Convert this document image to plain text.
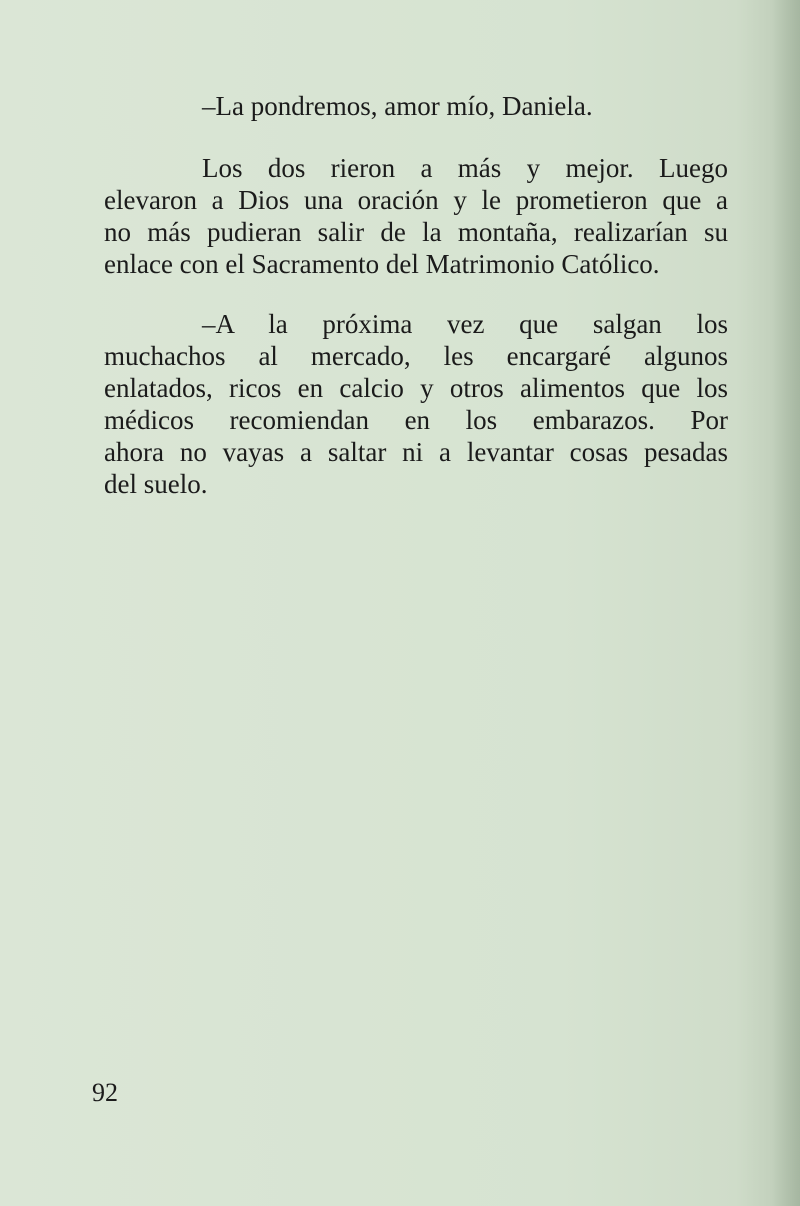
–La pondremos, amor mío, Daniela.

Los dos rieron a más y mejor. Luego
elevaron a Dios una oración y le prometieron que a
no más pudieran salir de la montaña, realizarían su
enlace con el Sacramento del Matrimonio Católico.

–A la próxima vez que salgan los
muchachos al mercado, les encargaré algunos
enlatados, ricos en calcio y otros alimentos que los
médicos recomiendan en los embarazos. Por
ahora no vayas a saltar ni a levantar cosas pesadas
del suelo.

92
